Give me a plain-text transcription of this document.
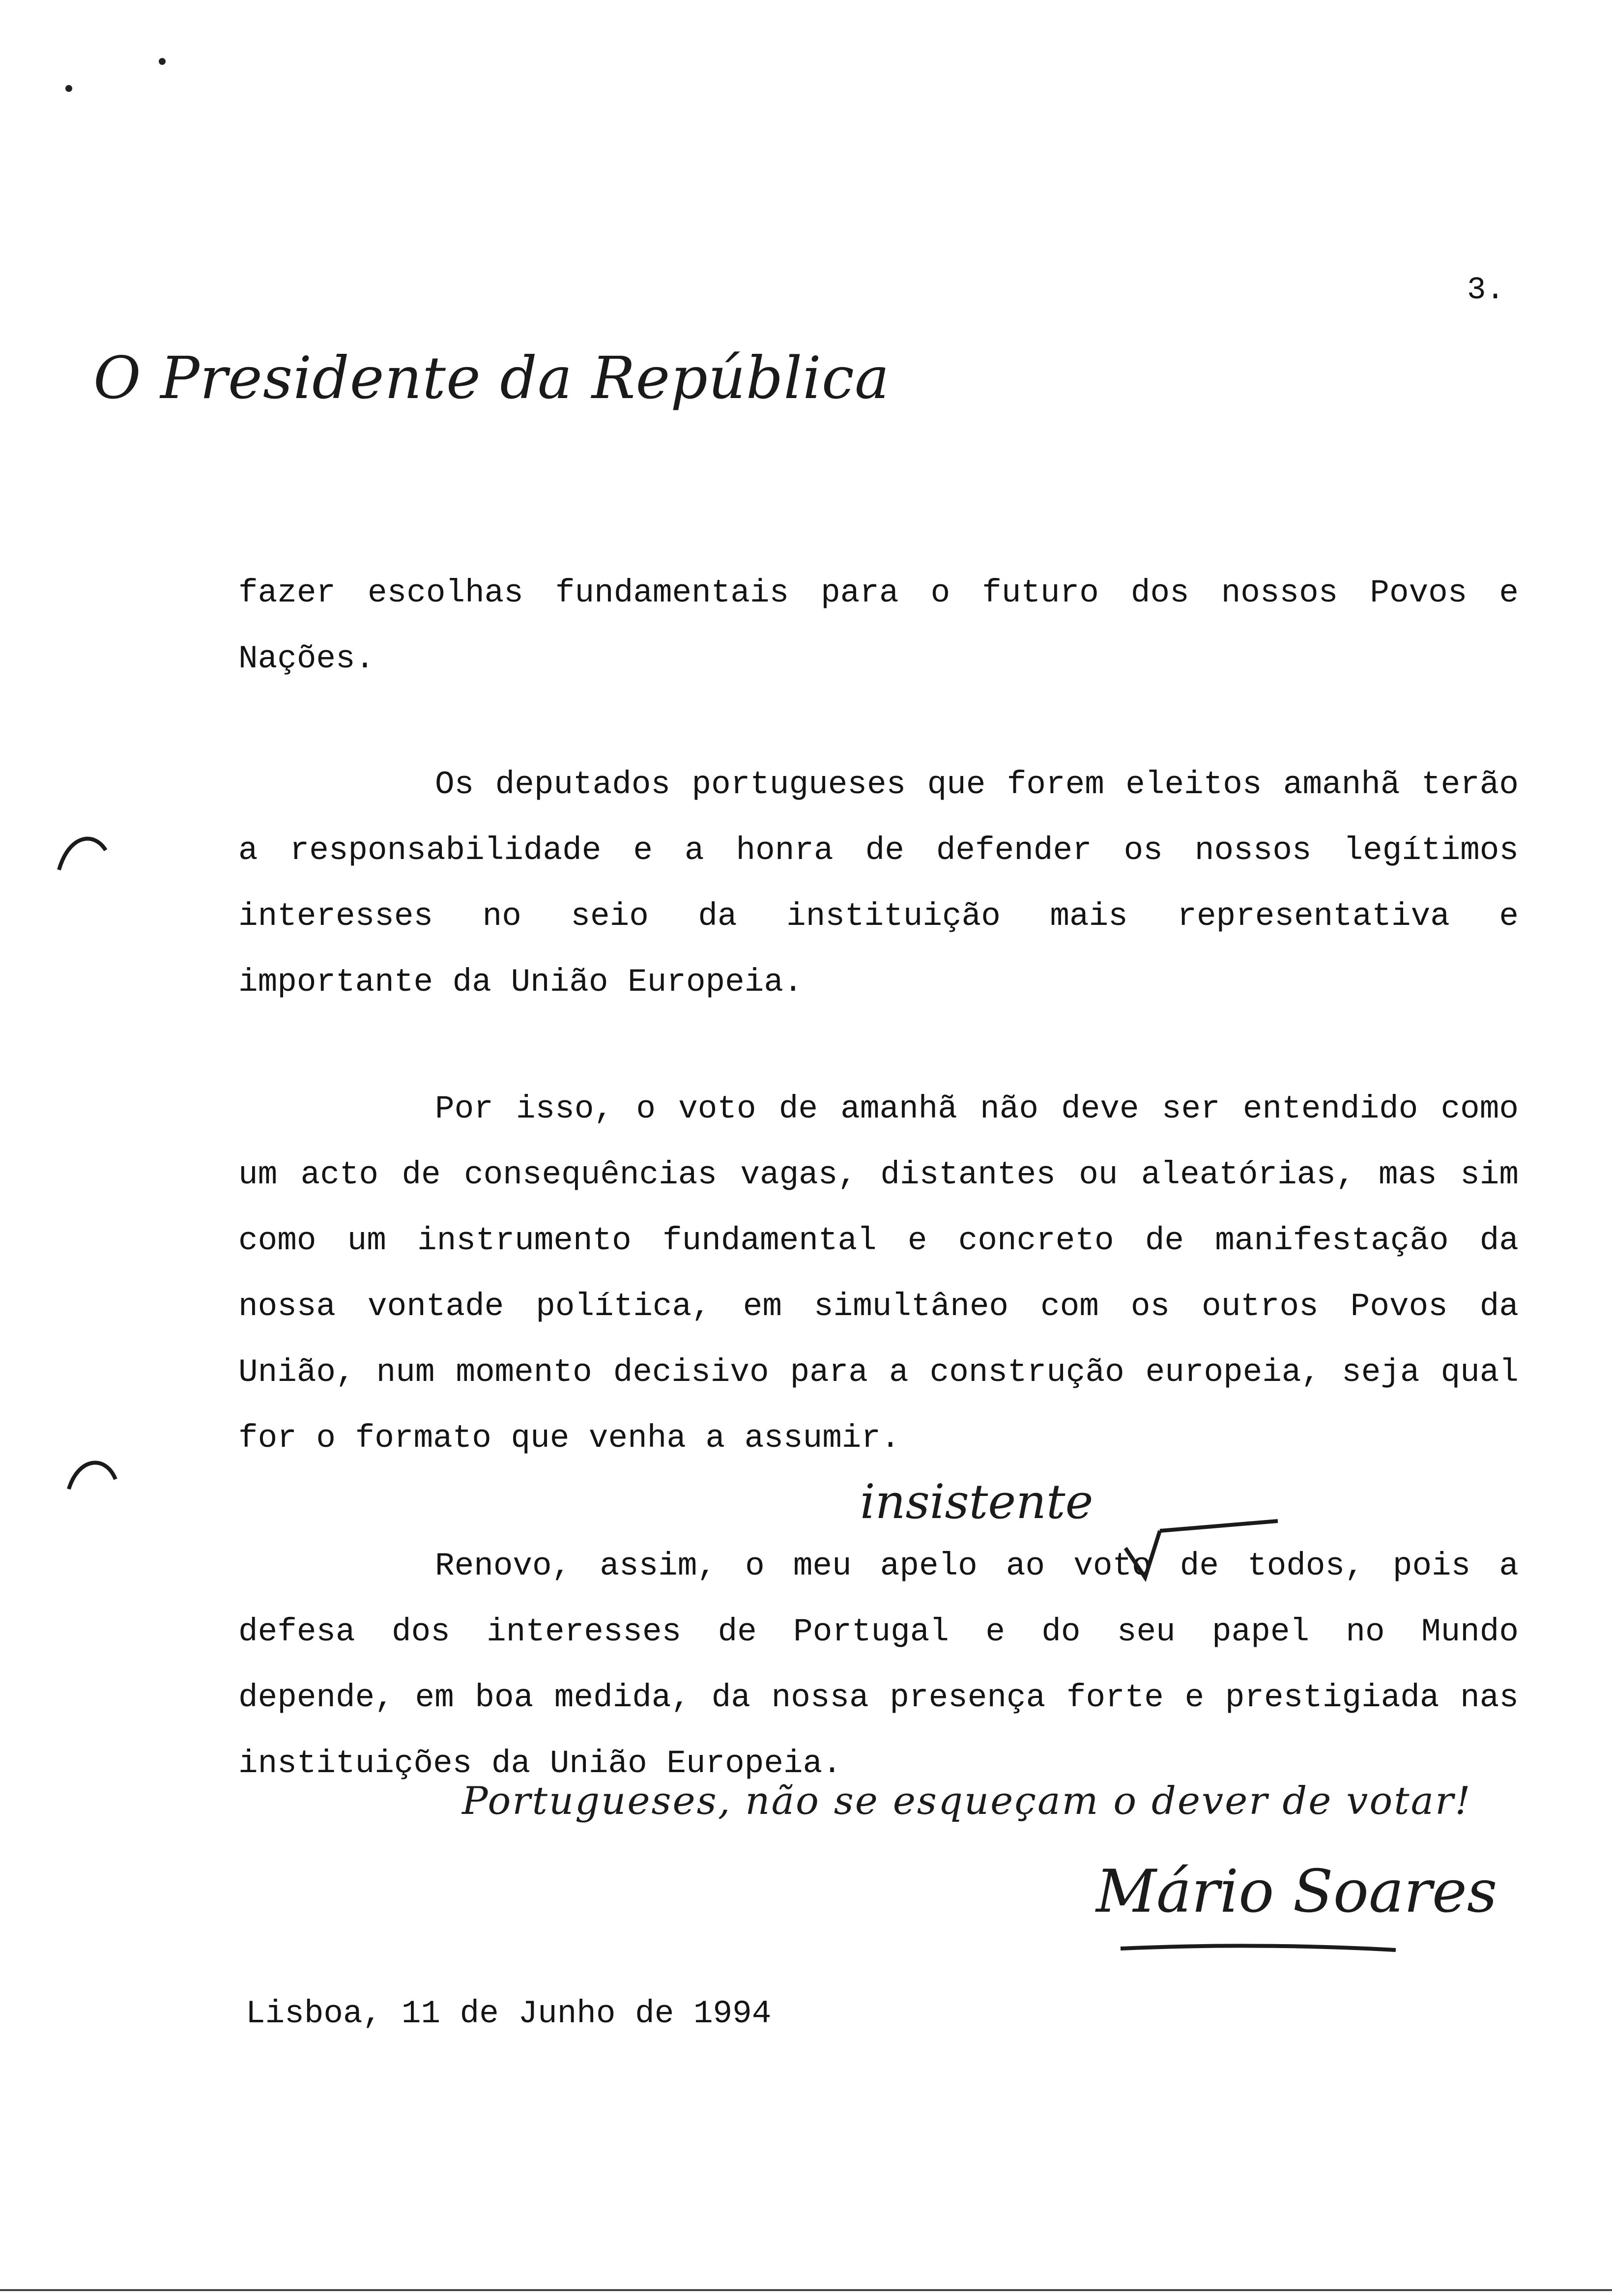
3.
O Presidente da República

fazer escolhas fundamentais para o futuro dos nossos Povos e Nações.

Os deputados portugueses que forem eleitos amanhã terão a responsabilidade e a honra de defender os nossos legítimos interesses no seio da instituição mais representativa e importante da União Europeia.

Por isso, o voto de amanhã não deve ser entendido como um acto de consequências vagas, distantes ou aleatórias, mas sim como um instrumento fundamental e concreto de manifestação da nossa vontade política, em simultâneo com os outros Povos da União, num momento decisivo para a construção europeia, seja qual for o formato que venha a assumir.

Renovo, assim, o meu apelo ao voto de todos, pois a defesa dos interesses de Portugal e do seu papel no Mundo depende, em boa medida, da nossa presença forte e prestigiada nas instituições da União Europeia.

insistente
Portugueses, não se esqueçam o dever de votar!
Mário Soares
Lisboa, 11 de Junho de 1994
